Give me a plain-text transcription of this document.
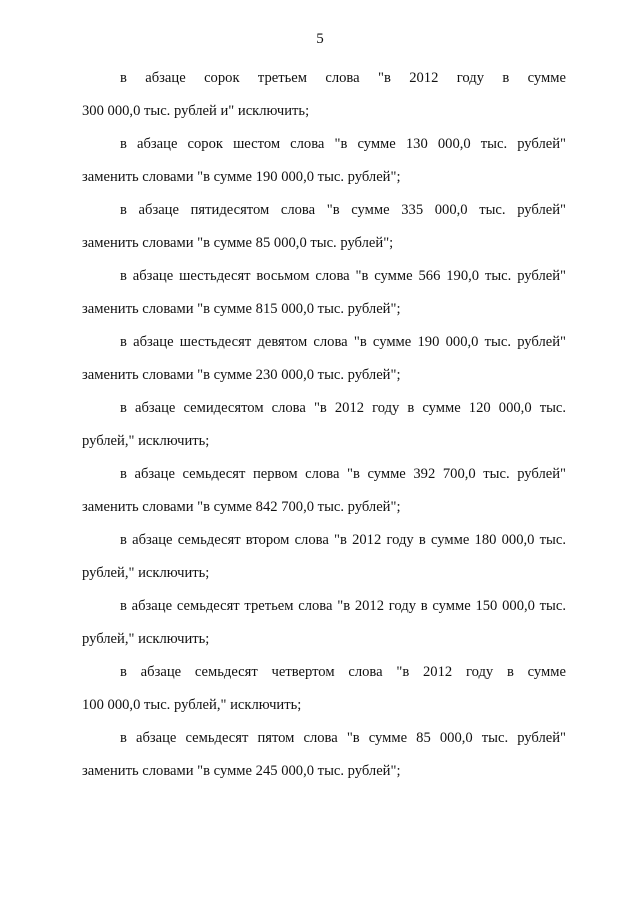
5
в абзаце сорок третьем слова "в 2012 году в сумме
300 000,0 тыс. рублей и" исключить;
в абзаце сорок шестом слова "в сумме 130 000,0 тыс. рублей"
заменить словами "в сумме 190 000,0 тыс. рублей";
в абзаце пятидесятом слова "в сумме 335 000,0 тыс. рублей"
заменить словами "в сумме 85 000,0 тыс. рублей";
в абзаце шестьдесят восьмом слова "в сумме 566 190,0 тыс. рублей"
заменить словами "в сумме 815 000,0 тыс. рублей";
в абзаце шестьдесят девятом слова "в сумме 190 000,0 тыс. рублей"
заменить словами "в сумме 230 000,0 тыс. рублей";
в абзаце семидесятом слова "в 2012 году в сумме 120 000,0 тыс.
рублей," исключить;
в абзаце семьдесят первом слова "в сумме 392 700,0 тыс. рублей"
заменить словами "в сумме 842 700,0 тыс. рублей";
в абзаце семьдесят втором слова "в 2012 году в сумме 180 000,0 тыс.
рублей," исключить;
в абзаце семьдесят третьем слова "в 2012 году в сумме 150 000,0 тыс.
рублей," исключить;
в абзаце семьдесят четвертом слова "в 2012 году в сумме
100 000,0 тыс. рублей," исключить;
в абзаце семьдесят пятом слова "в сумме 85 000,0 тыс. рублей"
заменить словами "в сумме 245 000,0 тыс. рублей";
